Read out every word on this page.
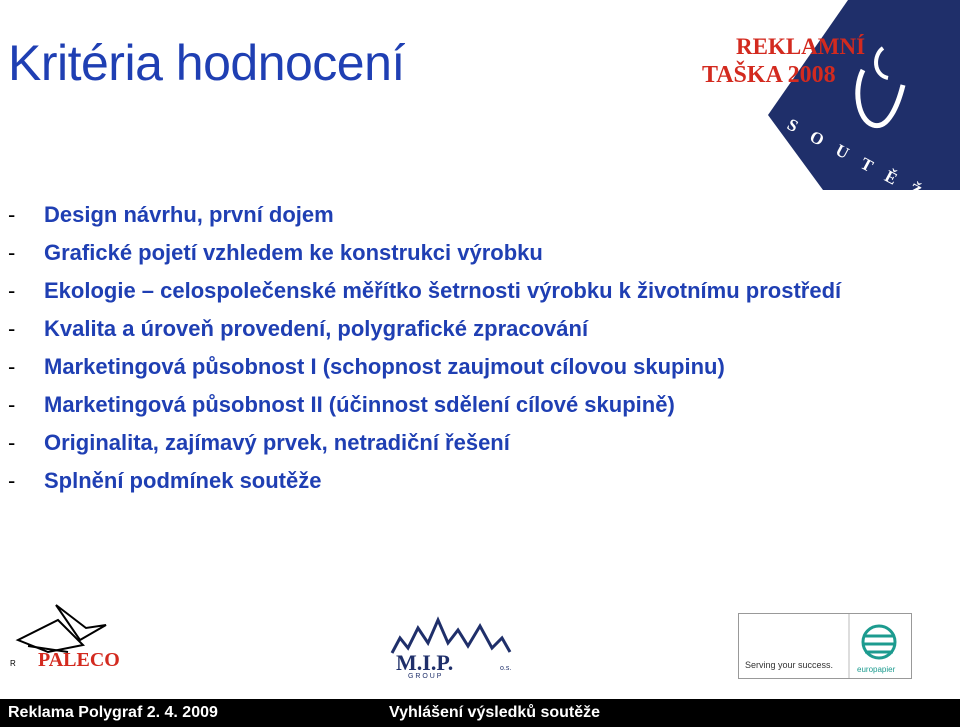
Kritéria hodnocení	REKLAMNÍ
TAŠKA 2008
SOUTĚŽ
- Design návrhu, první dojem
- Grafické pojetí vzhledem ke konstrukci výrobku
- Ekologie – celospolečenské měřítko šetrnosti výrobku k životnímu prostředí
- Kvalita a úroveň provedení, polygrafické zpracování
- Marketingová působnost I (schopnost zaujmout cílovou skupinu)
- Marketingová působnost II (účinnost sdělení cílové skupině)
- Originalita, zajímavý prvek, netradiční řešení
- Splnění podmínek soutěže
R PALECO	M.I.P.	o.s.
G R O U P
Serving your success.	europapier
Reklama Polygraf 2. 4. 2009	Vyhlášení výsledků soutěže
